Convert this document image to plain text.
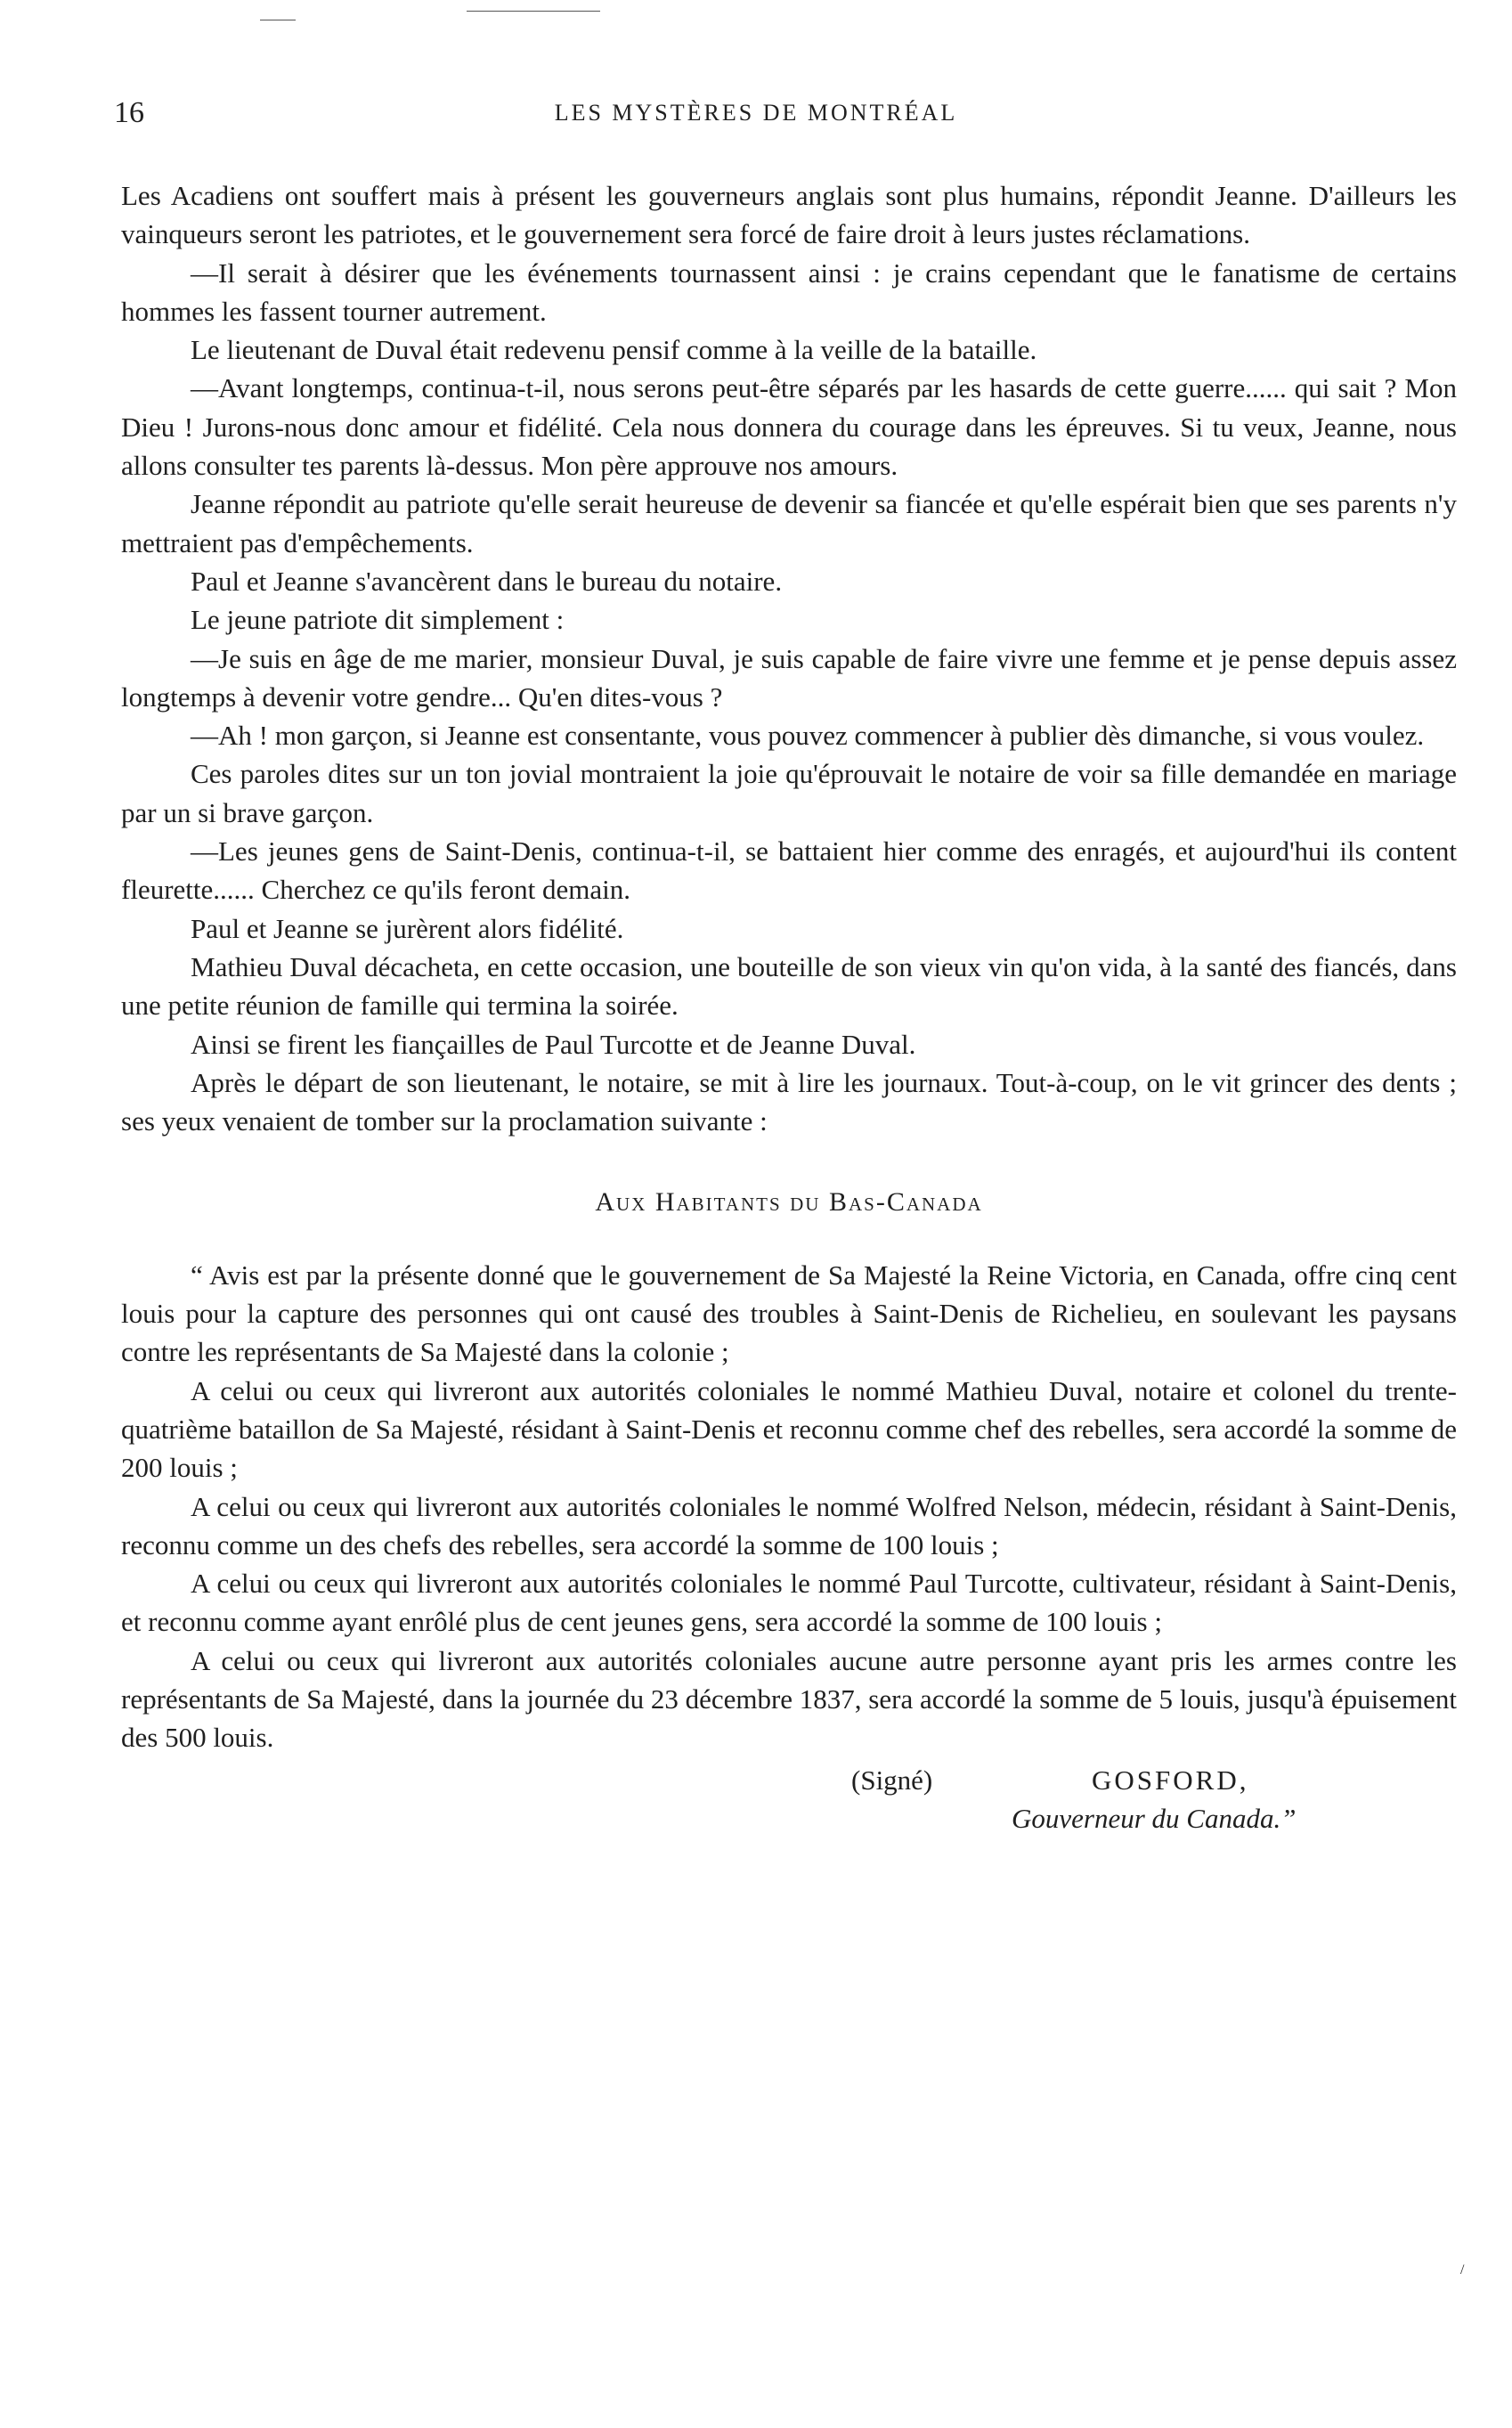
16	LES MYSTÈRES DE MONTRÉAL

Les Acadiens ont souffert mais à présent les gouverneurs anglais sont plus humains, répondit Jeanne. D'ailleurs les vainqueurs seront les patriotes, et le gouvernement sera forcé de faire droit à leurs justes réclamations.

—Il serait à désirer que les événements tournassent ainsi : je crains cependant que le fanatisme de certains hommes les fassent tourner autrement.

Le lieutenant de Duval était redevenu pensif comme à la veille de la bataille.

—Avant longtemps, continua-t-il, nous serons peut-être séparés par les hasards de cette guerre...... qui sait ? Mon Dieu ! Jurons-nous donc amour et fidélité. Cela nous donnera du courage dans les épreuves. Si tu veux, Jeanne, nous allons consulter tes parents là-dessus. Mon père approuve nos amours.

Jeanne répondit au patriote qu'elle serait heureuse de devenir sa fiancée et qu'elle espérait bien que ses parents n'y mettraient pas d'empêchements.

Paul et Jeanne s'avancèrent dans le bureau du notaire.

Le jeune patriote dit simplement :

—Je suis en âge de me marier, monsieur Duval, je suis capable de faire vivre une femme et je pense depuis assez longtemps à devenir votre gendre... Qu'en dites-vous ?

—Ah ! mon garçon, si Jeanne est consentante, vous pouvez commencer à publier dès dimanche, si vous voulez.

Ces paroles dites sur un ton jovial montraient la joie qu'éprouvait le notaire de voir sa fille demandée en mariage par un si brave garçon.

—Les jeunes gens de Saint-Denis, continua-t-il, se battaient hier comme des enragés, et aujourd'hui ils content fleurette...... Cherchez ce qu'ils feront demain.

Paul et Jeanne se jurèrent alors fidélité.

Mathieu Duval décacheta, en cette occasion, une bouteille de son vieux vin qu'on vida, à la santé des fiancés, dans une petite réunion de famille qui termina la soirée.

Ainsi se firent les fiançailles de Paul Turcotte et de Jeanne Duval.

Après le départ de son lieutenant, le notaire, se mit à lire les journaux. Tout-à-coup, on le vit grincer des dents ; ses yeux venaient de tomber sur la proclamation suivante :

Aux Habitants du Bas-Canada

“ Avis est par la présente donné que le gouvernement de Sa Majesté la Reine Victoria, en Canada, offre cinq cent louis pour la capture des personnes qui ont causé des troubles à Saint-Denis de Richelieu, en soulevant les paysans contre les représentants de Sa Majesté dans la colonie ;

A celui ou ceux qui livreront aux autorités coloniales le nommé Mathieu Duval, notaire et colonel du trente-quatrième bataillon de Sa Majesté, résidant à Saint-Denis et reconnu comme chef des rebelles, sera accordé la somme de 200 louis ;

A celui ou ceux qui livreront aux autorités coloniales le nommé Wolfred Nelson, médecin, résidant à Saint-Denis, reconnu comme un des chefs des rebelles, sera accordé la somme de 100 louis ;

A celui ou ceux qui livreront aux autorités coloniales le nommé Paul Turcotte, cultivateur, résidant à Saint-Denis, et reconnu comme ayant enrôlé plus de cent jeunes gens, sera accordé la somme de 100 louis ;

A celui ou ceux qui livreront aux autorités coloniales aucune autre personne ayant pris les armes contre les représentants de Sa Majesté, dans la journée du 23 décembre 1837, sera accordé la somme de 5 louis, jusqu'à épuisement des 500 louis.

(Signé)	GOSFORD,
Gouverneur du Canada.”
/
